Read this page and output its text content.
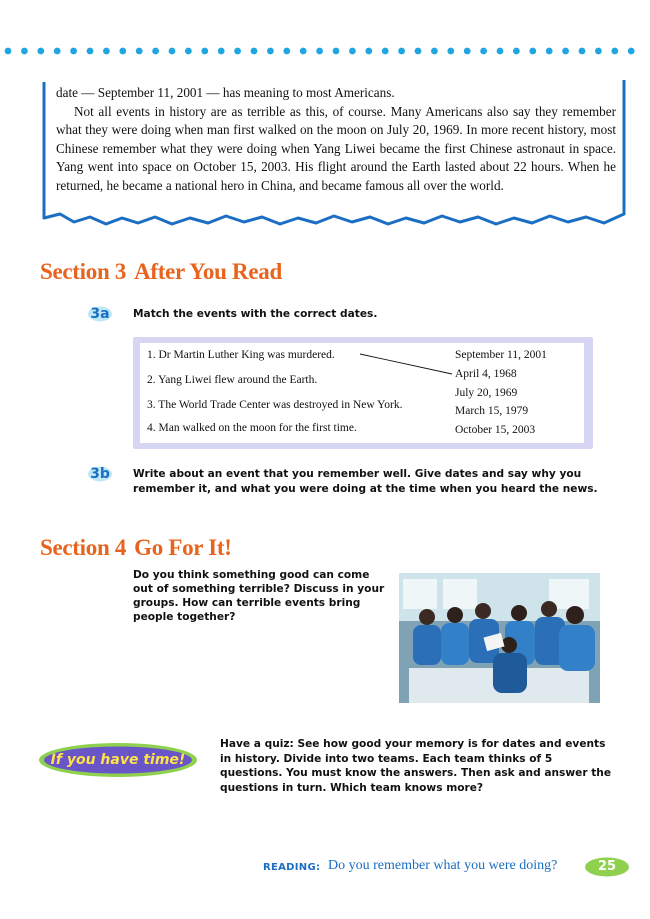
date — September 11, 2001 — has meaning to most Americans.

Not all events in history are as terrible as this, of course. Many Americans also say they remember what they were doing when man first walked on the moon on July 20, 1969. In more recent history, most Chinese remember what they were doing when Yang Liwei became the first Chinese astronaut in space. Yang went into space on October 15, 2003. His flight around the Earth lasted about 22 hours. When he returned, he became a national hero in China, and became famous all over the world.

Section 3 After You Read
3a	Match the events with the correct dates.
1. Dr Martin Luther King was murdered.
2. Yang Liwei flew around the Earth.
3. The World Trade Center was destroyed in New York.
4. Man walked on the moon for the first time.
September 11, 2001
April 4, 1968
July 20, 1969
March 15, 1979
October 15, 2003
3b Write about an event that you remember well. Give dates and say why you remember it, and what you were doing at the time when you heard the news.
Section 4 Go For It!
Do you think something good can come out of something terrible? Discuss in your groups. How can terrible events bring people together?
If you have time!
Have a quiz: See how good your memory is for dates and events in history. Divide into two teams. Each team thinks of 5 questions. You must know the answers. Then ask and answer the questions in turn. Which team knows more?
READING: Do you remember what you were doing?	25
